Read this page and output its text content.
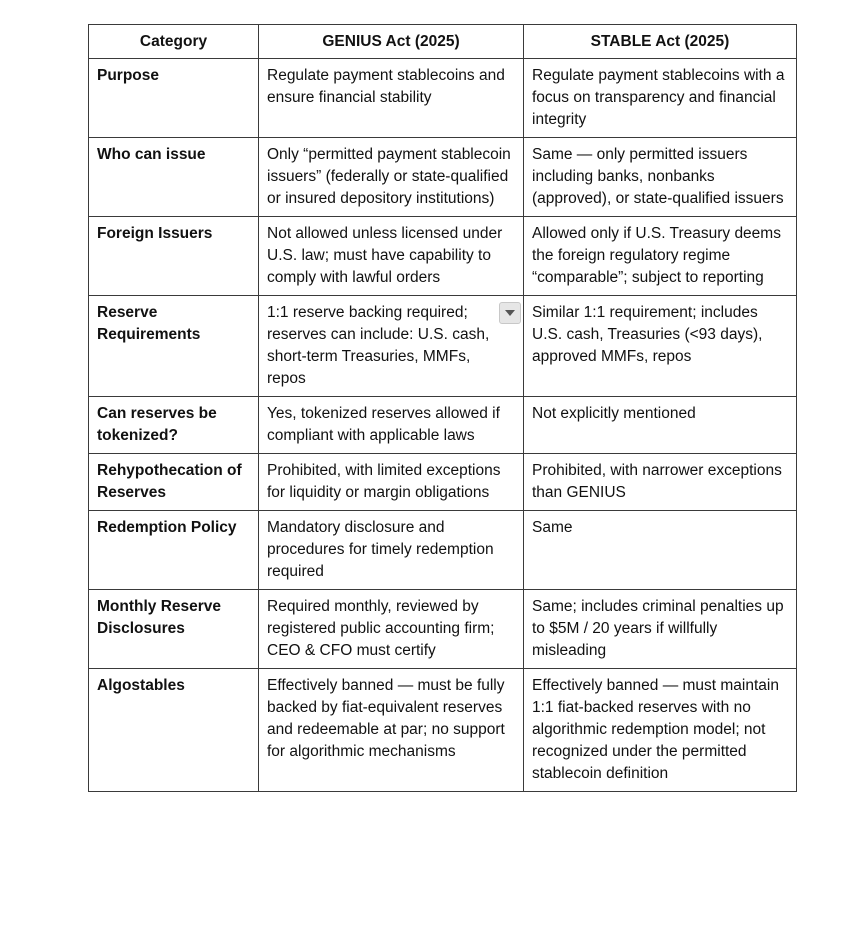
Category	GENIUS Act (2025)	STABLE Act (2025)
Purpose	Regulate payment stablecoins and ensure financial stability	Regulate payment stablecoins with a focus on transparency and financial integrity
Who can issue	Only “permitted payment stablecoin issuers” (federally or state-qualified or insured depository institutions)	Same — only permitted issuers including banks, nonbanks (approved), or state-qualified issuers
Foreign Issuers	Not allowed unless licensed under U.S. law; must have capability to comply with lawful orders	Allowed only if U.S. Treasury deems the foreign regulatory regime “comparable”; subject to reporting
Reserve Requirements	1:1 reserve backing required; reserves can include: U.S. cash, short-term Treasuries, MMFs, repos	Similar 1:1 requirement; includes U.S. cash, Treasuries (<93 days), approved MMFs, repos
Can reserves be tokenized?	Yes, tokenized reserves allowed if compliant with applicable laws	Not explicitly mentioned
Rehypothecation of Reserves	Prohibited, with limited exceptions for liquidity or margin obligations	Prohibited, with narrower exceptions than GENIUS
Redemption Policy	Mandatory disclosure and procedures for timely redemption required	Same
Monthly Reserve Disclosures	Required monthly, reviewed by registered public accounting firm; CEO & CFO must certify	Same; includes criminal penalties up to $5M / 20 years if willfully misleading
Algostables	Effectively banned — must be fully backed by fiat-equivalent reserves and redeemable at par; no support for algorithmic mechanisms	Effectively banned — must maintain 1:1 fiat-backed reserves with no algorithmic redemption model; not recognized under the permitted stablecoin definition
